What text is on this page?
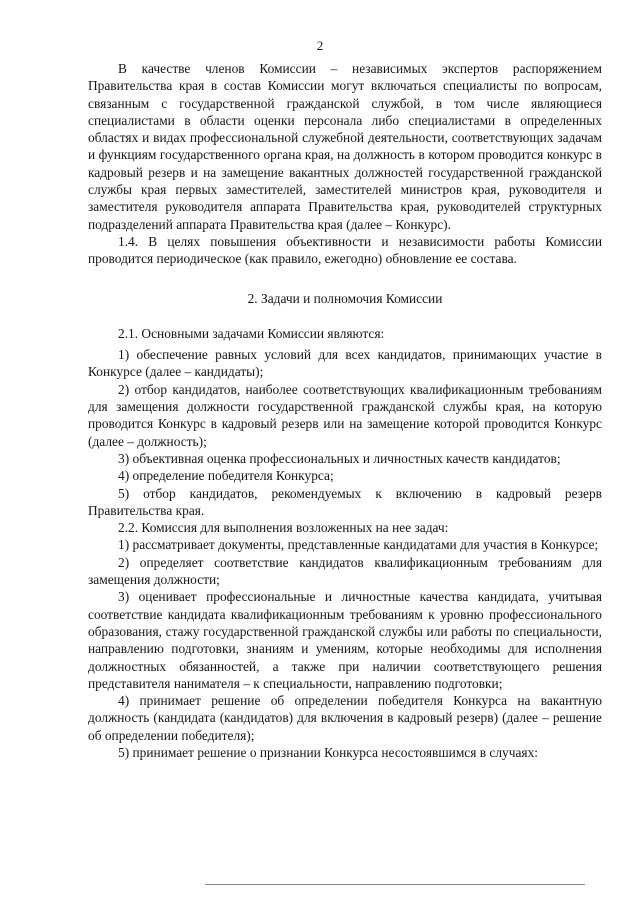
2

В качестве членов Комиссии – независимых экспертов распоряжением Правительства края в состав Комиссии могут включаться специалисты по вопросам, связанным с государственной гражданской службой, в том числе являющиеся специалистами в области оценки персонала либо специалистами в определенных областях и видах профессиональной служебной деятельности, соответствующих задачам и функциям государственного органа края, на должность в котором проводится конкурс в кадровый резерв и на замещение вакантных должностей государственной гражданской службы края первых заместителей, заместителей министров края, руководителя и заместителя руководителя аппарата Правительства края, руководителей структурных подразделений аппарата Правительства края (далее – Конкурс).

1.4. В целях повышения объективности и независимости работы Комиссии проводится периодическое (как правило, ежегодно) обновление ее состава.

2. Задачи и полномочия Комиссии

2.1. Основными задачами Комиссии являются:

1) обеспечение равных условий для всех кандидатов, принимающих участие в Конкурсе (далее – кандидаты);

2) отбор кандидатов, наиболее соответствующих квалификационным требованиям для замещения должности государственной гражданской службы края, на которую проводится Конкурс в кадровый резерв или на замещение которой проводится Конкурс (далее – должность);

3) объективная оценка профессиональных и личностных качеств кандидатов;

4) определение победителя Конкурса;

5) отбор кандидатов, рекомендуемых к включению в кадровый резерв Правительства края.

2.2. Комиссия для выполнения возложенных на нее задач:

1) рассматривает документы, представленные кандидатами для участия в Конкурсе;

2) определяет соответствие кандидатов квалификационным требованиям для замещения должности;

3) оценивает профессиональные и личностные качества кандидата, учитывая соответствие кандидата квалификационным требованиям к уровню профессионального образования, стажу государственной гражданской службы или работы по специальности, направлению подготовки, знаниям и умениям, которые необходимы для исполнения должностных обязанностей, а также при наличии соответствующего решения представителя нанимателя – к специальности, направлению подготовки;

4) принимает решение об определении победителя Конкурса на вакантную должность (кандидата (кандидатов) для включения в кадровый резерв) (далее – решение об определении победителя);

5) принимает решение о признании Конкурса несостоявшимся в случаях:
